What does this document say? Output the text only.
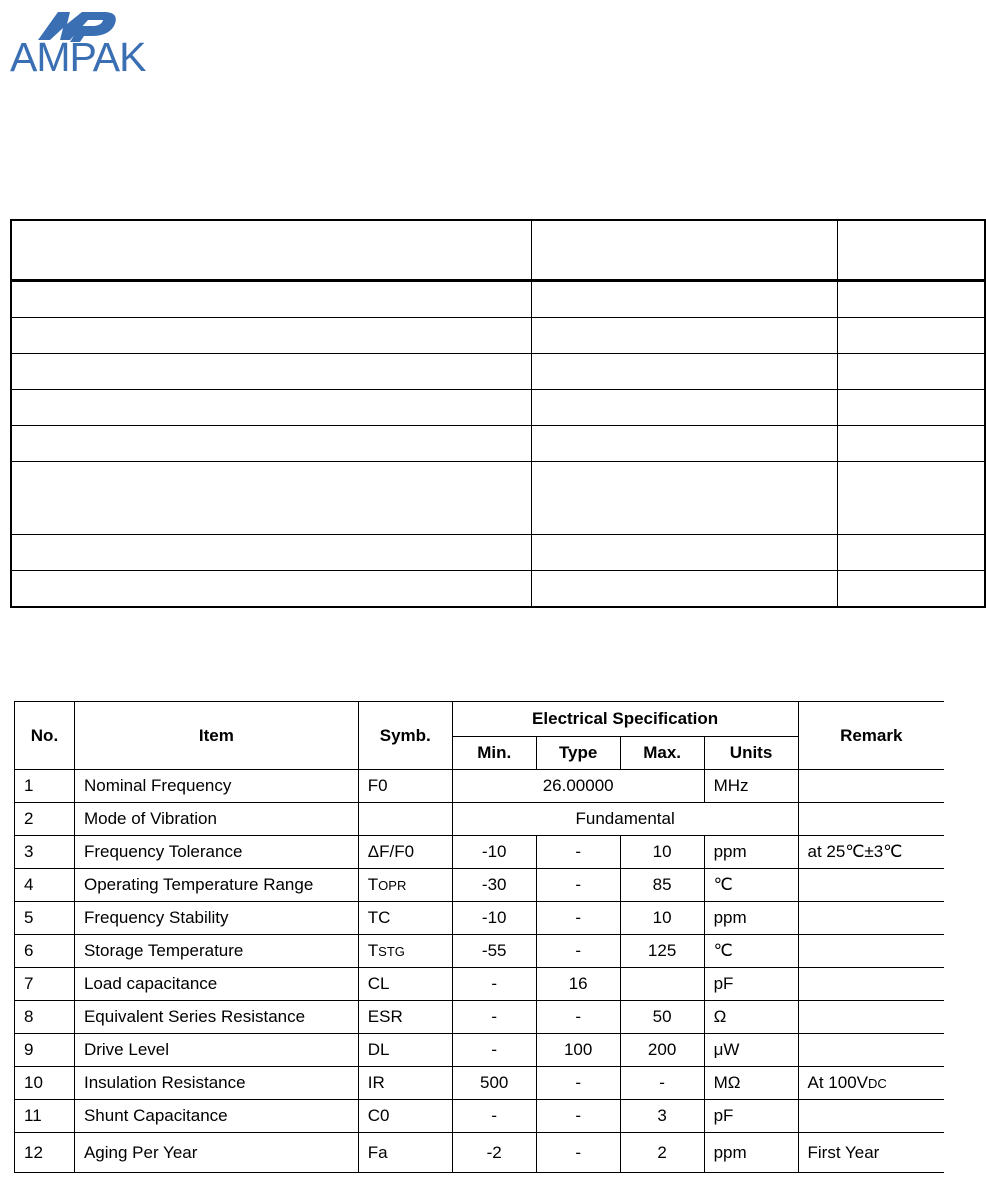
AMPAK

No.	Item	Symb.	Electrical Specification				Remark
			Min.	Type	Max.	Units	
1	Nominal Frequency	F0	26.00000			MHz	
2	Mode of Vibration		Fundamental				
3	Frequency Tolerance	ΔF/F0	-10	-	10	ppm	at 25℃±3℃
4	Operating Temperature Range	TOPR	-30	-	85	℃	
5	Frequency Stability	TC	-10	-	10	ppm	
6	Storage Temperature	TSTG	-55	-	125	℃	
7	Load capacitance	CL	-	16		pF	
8	Equivalent Series Resistance	ESR	-	-	50	Ω	
9	Drive Level	DL	-	100	200	μW	
10	Insulation Resistance	IR	500	-	-	MΩ	At 100VDC
11	Shunt Capacitance	C0	-	-	3	pF	
12	Aging Per Year	Fa	-2	-	2	ppm	First Year
